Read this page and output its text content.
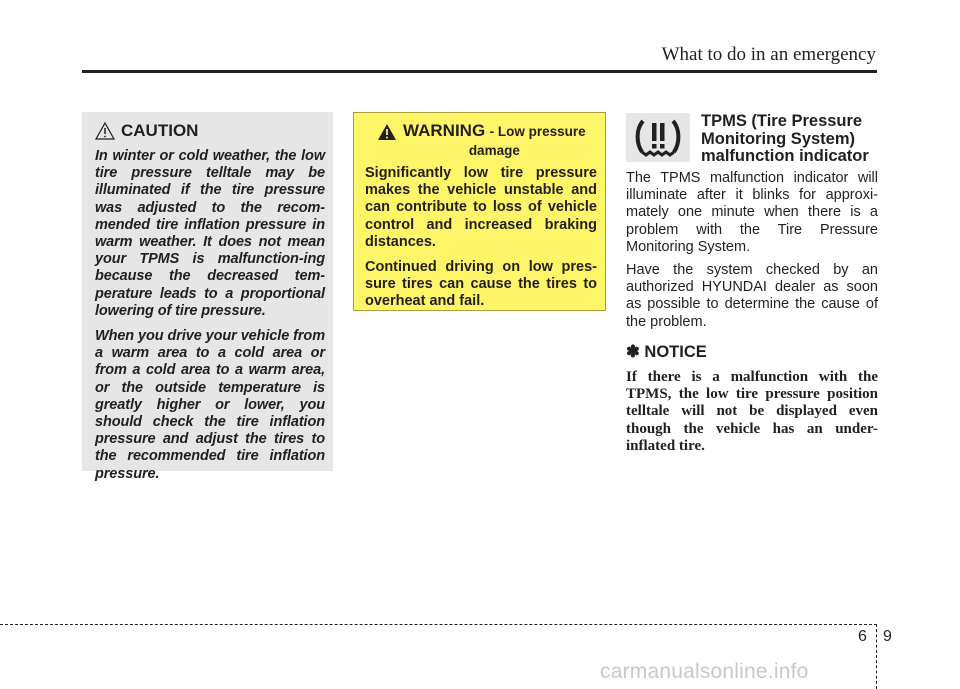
What to do in an emergency
CAUTION

In winter or cold weather, the low tire pressure telltale may be illuminated if the tire pressure was adjusted to the recom-mended tire inflation pressure in warm weather. It does not mean your TPMS is malfunction-ing because the decreased tem-perature leads to a proportional lowering of tire pressure.

When you drive your vehicle from a warm area to a cold area or from a cold area to a warm area, or the outside temperature is greatly higher or lower, you should check the tire inflation pressure and adjust the tires to the recommended tire inflation pressure.

WARNING - Low pressure
damage

Significantly low tire pressure makes the vehicle unstable and can contribute to loss of vehicle control and increased braking distances.

Continued driving on low pres-sure tires can cause the tires to overheat and fail.

TPMS (Tire Pressure Monitoring System) malfunction indicator

The TPMS malfunction indicator will illuminate after it blinks for approxi-mately one minute when there is a problem with the Tire Pressure Monitoring System.

Have the system checked by an authorized HYUNDAI dealer as soon as possible to determine the cause of the problem.

✽ NOTICE

If there is a malfunction with the TPMS, the low tire pressure position telltale will not be displayed even though the vehicle has an under-inflated tire.

6 9
carmanualsonline.info
